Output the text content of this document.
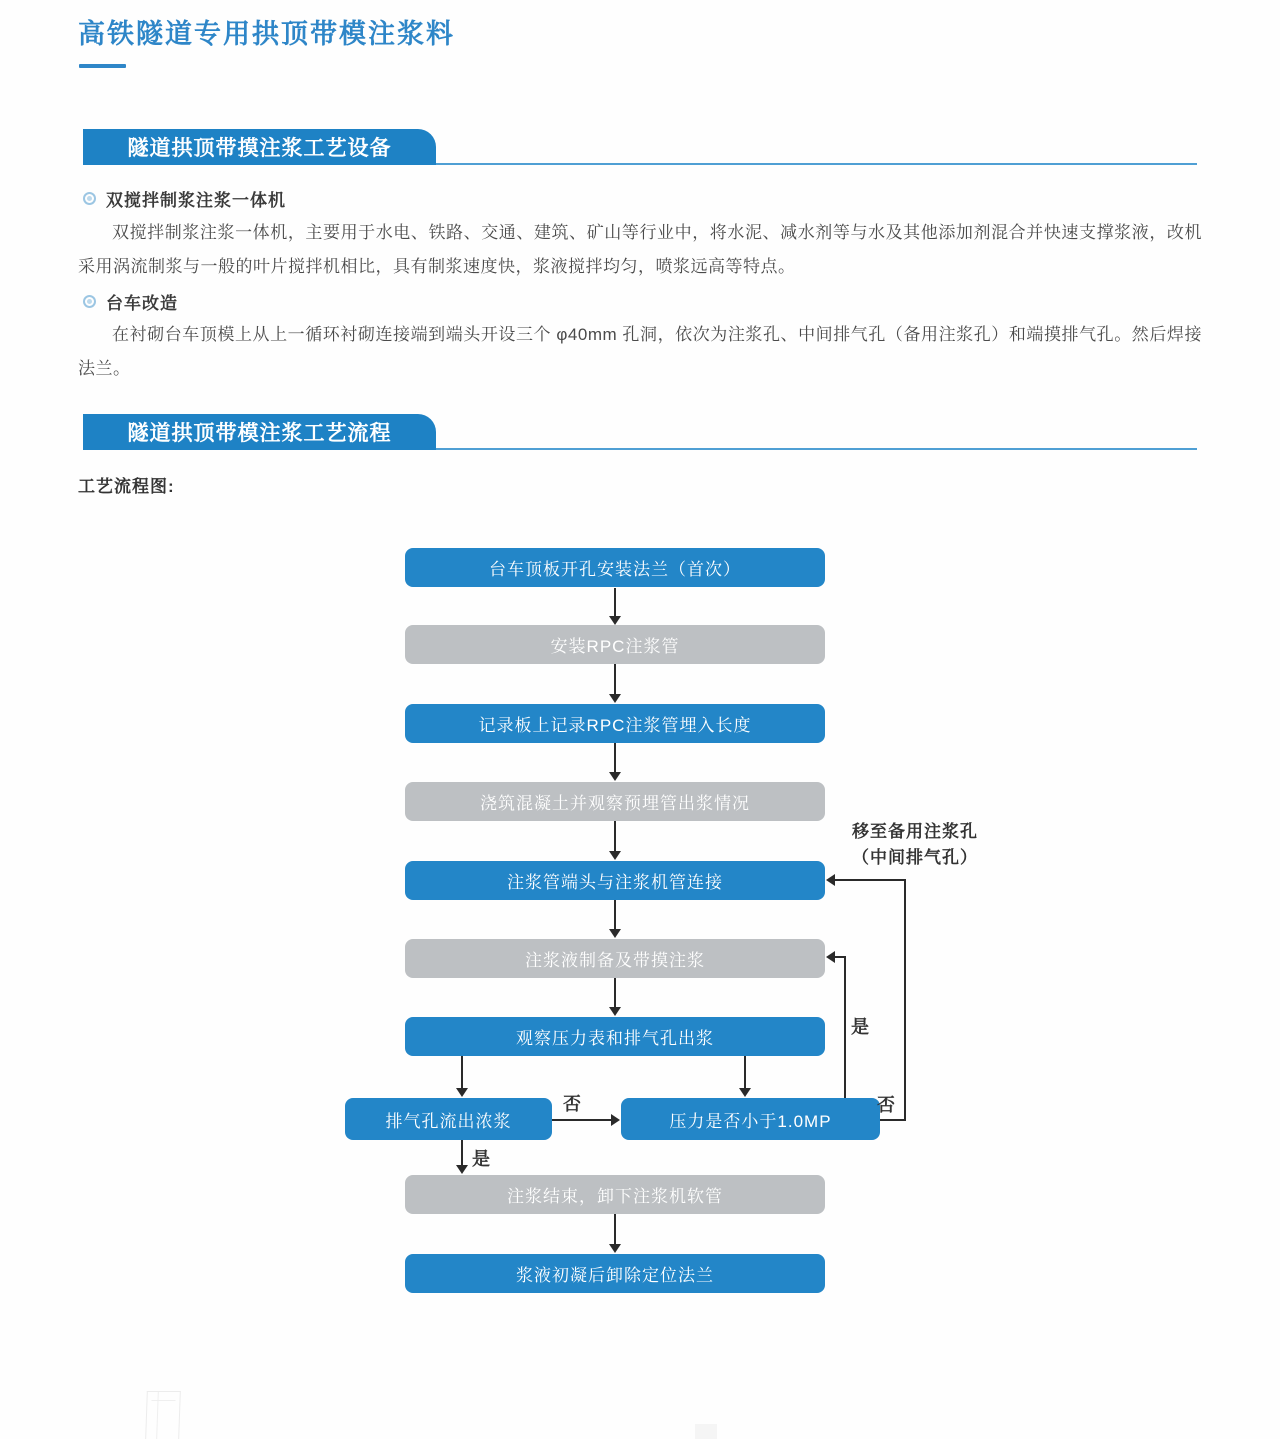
高铁隧道专用拱顶带模注浆料
隧道拱顶带摸注浆工艺设备
双搅拌制浆注浆一体机
双搅拌制浆注浆一体机，主要用于水电、铁路、交通、建筑、矿山等行业中，将水泥、减水剂等与水及其他添加剂混合并快速支撑浆液，改机采用涡流制浆与一般的叶片搅拌机相比，具有制浆速度快，浆液搅拌均匀，喷浆远高等特点。
台车改造
在衬砌台车顶模上从上一循环衬砌连接端到端头开设三个 φ40mm 孔洞，依次为注浆孔、中间排气孔（备用注浆孔）和端摸排气孔。然后焊接法兰。
隧道拱顶带模注浆工艺流程
工艺流程图:
台车顶板开孔安装法兰（首次）
安装RPC注浆管
记录板上记录RPC注浆管埋入长度
浇筑混凝土并观察预埋管出浆情况
注浆管端头与注浆机管连接
注浆液制备及带摸注浆
观察压力表和排气孔出浆
排气孔流出浓浆	压力是否小于1.0MP
注浆结束，卸下注浆机软管
浆液初凝后卸除定位法兰
否
是
是
否
移至备用注浆孔
（中间排气孔）
